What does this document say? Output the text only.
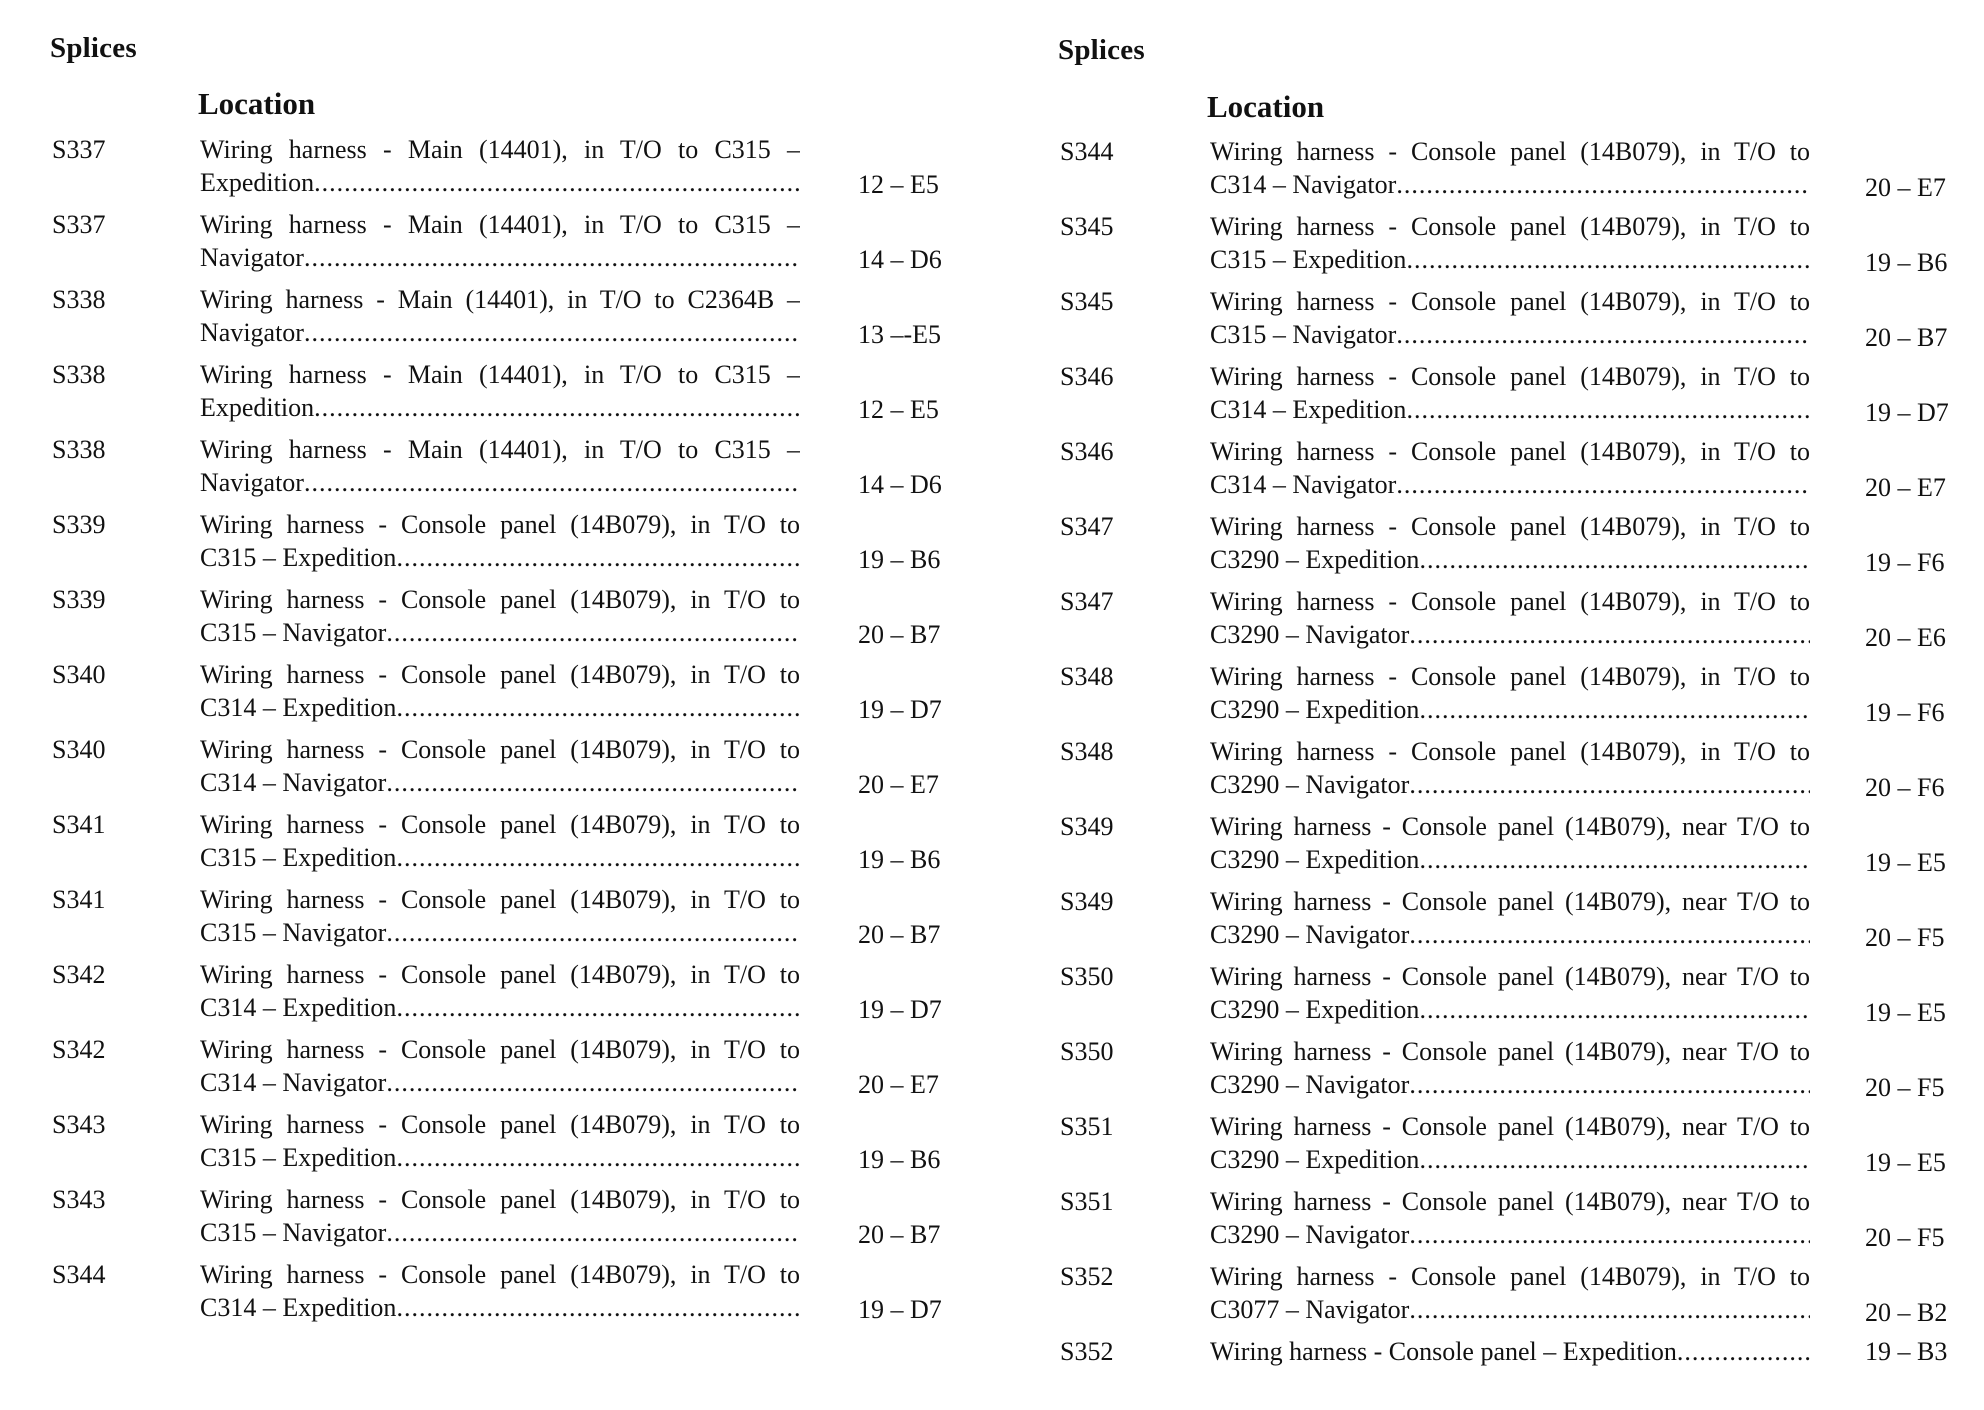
Splices
Location
S337	Wiring harness - Main (14401), in T/O to C315 –
Expedition .....	12 – E5
S337	Wiring harness - Main (14401), in T/O to C315 –
Navigator .....	14 – D6
S338	Wiring harness - Main (14401), in T/O to C2364B –
Navigator .....	13 –-E5
S338	Wiring harness - Main (14401), in T/O to C315 –
Expedition .....	12 – E5
S338	Wiring harness - Main (14401), in T/O to C315 –
Navigator .....	14 – D6
S339	Wiring harness - Console panel (14B079), in T/O to
C315 – Expedition .....	19 – B6
S339	Wiring harness - Console panel (14B079), in T/O to
C315 – Navigator .....	20 – B7
S340	Wiring harness - Console panel (14B079), in T/O to
C314 – Expedition .....	19 – D7
S340	Wiring harness - Console panel (14B079), in T/O to
C314 – Navigator .....	20 – E7
S341	Wiring harness - Console panel (14B079), in T/O to
C315 – Expedition .....	19 – B6
S341	Wiring harness - Console panel (14B079), in T/O to
C315 – Navigator .....	20 – B7
S342	Wiring harness - Console panel (14B079), in T/O to
C314 – Expedition .....	19 – D7
S342	Wiring harness - Console panel (14B079), in T/O to
C314 – Navigator .....	20 – E7
S343	Wiring harness - Console panel (14B079), in T/O to
C315 – Expedition .....	19 – B6
S343	Wiring harness - Console panel (14B079), in T/O to
C315 – Navigator .....	20 – B7
S344	Wiring harness - Console panel (14B079), in T/O to
C314 – Expedition .....	19 – D7
Splices
Location
S344	Wiring harness - Console panel (14B079), in T/O to
C314 – Navigator .....	20 – E7
S345	Wiring harness - Console panel (14B079), in T/O to
C315 – Expedition .....	19 – B6
S345	Wiring harness - Console panel (14B079), in T/O to
C315 – Navigator .....	20 – B7
S346	Wiring harness - Console panel (14B079), in T/O to
C314 – Expedition .....	19 – D7
S346	Wiring harness - Console panel (14B079), in T/O to
C314 – Navigator .....	20 – E7
S347	Wiring harness - Console panel (14B079), in T/O to
C3290 – Expedition .....	19 – F6
S347	Wiring harness - Console panel (14B079), in T/O to
C3290 – Navigator .....	20 – E6
S348	Wiring harness - Console panel (14B079), in T/O to
C3290 – Expedition .....	19 – F6
S348	Wiring harness - Console panel (14B079), in T/O to
C3290 – Navigator .....	20 – F6
S349	Wiring harness - Console panel (14B079), near T/O to
C3290 – Expedition .....	19 – E5
S349	Wiring harness - Console panel (14B079), near T/O to
C3290 – Navigator .....	20 – F5
S350	Wiring harness - Console panel (14B079), near T/O to
C3290 – Expedition .....	19 – E5
S350	Wiring harness - Console panel (14B079), near T/O to
C3290 – Navigator .....	20 – F5
S351	Wiring harness - Console panel (14B079), near T/O to
C3290 – Expedition .....	19 – E5
S351	Wiring harness - Console panel (14B079), near T/O to
C3290 – Navigator .....	20 – F5
S352	Wiring harness - Console panel (14B079), in T/O to
C3077 – Navigator .....	20 – B2
S352	Wiring harness - Console panel – Expedition .....	19 – B3
